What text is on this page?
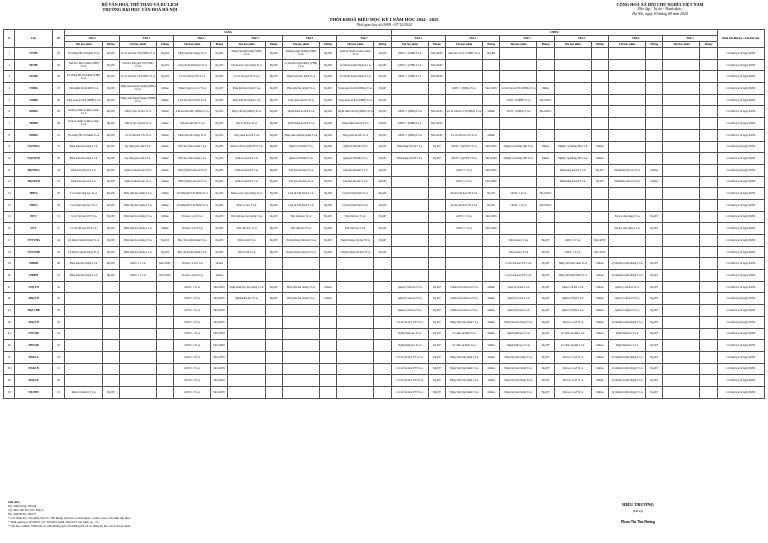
BỘ VĂN HOÁ, THỂ THAO VÀ DU LỊCH
TRƯỜNG ĐẠI HỌC VĂN HOÁ HÀ NỘI
CỘNG HOÀ XÃ HỘI CHỦ NGHĨA VIỆT NAM
Độc lập - Tự do - Hạnh phúc
Hà Nội, ngày 30 tháng 08 năm 2024
THỜI KHOÁ BIỂU HỌC KỲ I NĂM HỌC 2024 - 2025
Thời gian học từ 09/09 - 07/12/2024
tt	Lớp	SS	SÁNG												CHIỀU												Tuần bắt đầu học / kết thúc học
			Thứ 2		Thứ 3		Thứ 4		Thứ 5		Thứ 6		Thứ 7		Thứ 2		Thứ 3		Thứ 4		Thứ 5		Thứ 6		Thứ 7		
			Tên học phần	Phòng	Tên học phần	Phòng	Tên học phần	Phòng	Tên học phần	Phòng	Tên học phần	Phòng	Tên học phần	Phòng	Tên học phần	Phòng	Tên học phần	Phòng	Tên học phần	Phòng	Tên học phần	Phòng	Tên học phần	Phòng	Tên học phần	Phòng	
1	57VHE	42	Tư tưởng Hồ Chí Minh T1.A	Ng.205	Cơ sở văn hoá VN (VHE) T1.A	Ng.205	Pháp luật đại cương T1.A	Ng.205	Tiếng Việt thực hành (VHE) T1.A	Ng.205	Phương pháp NCKH (VHE) T1.A	Ng.205	Kinh tế chính trị Mác-Lênin T1.A	Ng.205	GDTC 1 (VHE) T1.A	Sân GDTC	Anh văn cơ sở 1 (VHE) T1.A	Ng.403									Cả tuần học từ ngày 09/09
2	58VHE	35	Triết học Mác-Lênin (VHE) T1.A	Ng.205	Văn hoá dân gian VN (VHE) T1.A	Ng.205	Lịch sử văn minh TG T1.A	Ng.205	Văn hoá học đại cương T1.A	Ng.205	Lý thuyết truyền thông (VHE) T1.A	Ng.205	Lý thuyết truyền thông T1.A	Ng.205	GDTC 1 (VHE) T1.A	Sân GDTC											Cả tuần học từ ngày 09/09
3	59VHE	28	Tư tưởng Hồ Chí Minh (VHE) T1.A	Ng.205	Cơ sở văn hoá VN (VHE) T1.A	Ng.205	Cơ sở văn hoá VN T1.A	Ng.205	Cơ sở văn hoá VN T1.A	Ng.205	Tiếng Việt thực hành T1.A	Ng.205	Lý thuyết truyền thông T1.A	Ng.205	GDTC 1 (VHE) T1.A	Sân GDTC											Cả tuần học từ ngày 09/09
4	57DHA	33	Chủ nghĩa xã hội KH T1.A	Ng.205	Tiếng Anh chuyên ngành (DHA) T1.A	Online	Tiếng Trung cơ sở 1 T1.A	Ng.207	Pháp luật đại cương T1.A	Ng.205	Pháp luật đại cương T1.A	Ng.205	Tổng quan du lịch (DHA) T1.A	Ng.205			GDTC 1 (DHA) T1.A	Sân GDTC	Cơ sở văn hoá VN (DHA) T1.A	Online							Cả tuần học từ ngày 09/09
5	57DHB	40	Tổng quan du lịch (DHB) T1.A	Ng.205	Tiếng Anh chuyên ngành (DHB) T1.A	Online	Lịch sử văn hoá VN T1.A	Ng.205	Pháp luật đại cương T1.A	Ng.205	Tổng quan du lịch T1.A	Ng.205	Tổng quan du lịch (DHB) T1.A	Ng.205					GDTC 1 (DHB) T1.A	Sân GDTC							Cả tuần học từ ngày 09/09
6	58DHA	38	Kinh tế chính trị Mác-Lênin T1.A	Ng.205	Tâm lý học du lịch T1.A	Online	Văn hoá ẩm thực (DHA) T1.A	Ng.205	Địa lý du lịch (DHA) T1.A	Ng.205	Tuyến điểm du lịch T1.A	Ng.205	Tuyến điểm du lịch (DHA) T1.A	Ng.205	GDTC 1 (DHA) T1.A	Sân GDTC	Cơ sở văn hoá VN (DHA) T1.A	Online	GDTC 1 (DHA) T1.A	Sân GDTC							Cả tuần học từ ngày 09/09
7	58DHB	36	Kinh tế chính trị Mác-Lênin T1.A	Ng.205	Tâm lý học du lịch T1.A	Online	Văn hoá ẩm thực T1.A	Ng.205	Địa lý du lịch T1.A	Ng.205	Tuyến điểm du lịch T1.A	Ng.205	Tuyến điểm du lịch T1.A	Ng.205	GDTC 1 (DHB) T1.A	Sân GDTC											Cả tuần học từ ngày 09/09
8	59DHA	41	Tư tưởng Hồ Chí Minh T1.A	Ng.205	Cơ sở văn hoá VN T1.A	Online	Pháp luật đại cương T1.A	Ng.205	Tổng quan du lịch T1.A	Ng.205	Tiếng Anh chuyên ngành T1.A	Ng.205	Tổng quan du lịch T1.A	Ng.205	GDTC 1 (DHA) T1.A	Sân GDTC	Cơ sở văn hoá VN T1.A	Online									Cả tuần học từ ngày 09/09
9	57QTDVA	37	Pháp luật đại cương T1.A	Ng.205	Kỹ năng giao tiếp T1.A	Online	Triết học Mác-Lênin T1.A	Ng.205	Kinh tế du lịch (QTDV) T1.A	Ng.205	Quản trị lữ hành T1.A	Ng.205	Quản trị lữ hành T1.A	Ng.205	Marketing du lịch T1.A	Ng.207	GDTC 1 (QTDV) T1.A	Sân GDTC	Nghiệp vụ hướng dẫn T1.A	Online	Nghiệp vụ hướng dẫn T1.A	Online					Cả tuần học từ ngày 09/09
10	57QTDVB	39	Pháp luật đại cương T1.A	Ng.205	Kỹ năng giao tiếp T1.A	Online	Triết học Mác-Lênin T1.A	Ng.205	Kinh tế du lịch T1.A	Ng.205	Quản trị lữ hành T1.A	Ng.205	Quản trị lữ hành T1.A	Ng.205	Marketing du lịch T1.A	Ng.207	GDTC 1 (QTDV) T1.A	Sân GDTC	Nghiệp vụ hướng dẫn T1.A	Online	Nghiệp vụ hướng dẫn T1.A	Online					Cả tuần học từ ngày 09/09
11	58QTDVA	34	Pháp luật du lịch T1.A	Ng.205	Quản trị khách sạn T1.A	Online	Tâm lý khách du lịch T1.A	Ng.205	Kinh tế du lịch T1.A	Ng.205	Văn hoá ẩm thực T1.A	Ng.205	Văn hoá ẩm thực T1.A	Ng.205			GDTC 1 T1.A	Sân GDTC			Marketing du lịch T1.A	Ng.207	Marketing du lịch T1.A	Online			Cả tuần học từ ngày 09/09
12	58QTDVB	33	Pháp luật du lịch T1.A	Ng.205	Quản trị khách sạn T1.A	Online	Tâm lý khách du lịch T1.A	Ng.205	Kinh tế du lịch T1.A	Ng.205	Văn hoá ẩm thực T1.A	Ng.205	Văn hoá ẩm thực T1.A	Ng.205			GDTC 1 T1.A	Sân GDTC			Marketing du lịch T1.A	Ng.207	Marketing du lịch T1.A	Online			Cả tuần học từ ngày 09/09
13	58BTA	30	Cơ sở bảo tàng học T1.A	Ng.205	Pháp luật đại cương T1.A	Online	Tư tưởng Hồ Chí Minh T1.A	Ng.205	Khảo cổ học đại cương T1.A	Ng.205	Lịch sử Việt Nam T1.A	Ng.205	Lịch sử Việt Nam T1.A	Ng.205			Di sản văn hoá VN T1.A	Ng.207	GDTC 1 T1.A	Sân GDTC							Cả tuần học từ ngày 09/09
14	57BTA	29	Cơ sở bảo tàng học T1.A	Ng.205	Pháp luật đại cương T1.A	Online	Tư tưởng Hồ Chí Minh T1.A	Ng.205	Khảo cổ học T1.A	Ng.205	Lịch sử Việt Nam T1.A	Ng.205	Lịch sử Việt Nam T1.A	Ng.205			Di sản văn hoá VN T1.A	Ng.207	GDTC 1 T1.A	Sân GDTC							Cả tuần học từ ngày 09/09
15	59TV	31	Cơ sở văn hoá VN T1.A	Ng.205	Pháp luật đại cương T1.A	Online	Tin học cơ sở T1.A	Ng.205	Thư viện học đại cương T1.A	Ng.205	Thư viện học T1.A	Ng.205	Thư viện học T1.A	Ng.205			GDTC 1 T1.A	Sân GDTC					Tin học ứng dụng T1.A	Ng.207			Cả tuần học từ ngày 09/09
16	57TV	27	Cơ sở văn hoá VN T1.A	Ng.205	Pháp luật đại cương T1.A	Online	Tin học cơ sở T1.A	Ng.205	Thư viện học T1.A	Ng.205	Thư viện học T1.A	Ng.205	Thư viện học T1.A	Ng.205			GDTC 1 T1.A	Sân GDTC					Tin học ứng dụng T1.A	Ng.207			Cả tuần học từ ngày 09/09
17	57TTVHA	44	Lý thuyết truyền thông T1.A	Ng.205	Pháp luật đại cương T1.A	Ng.205	Báo chí truyền thông T1.A	Ng.205	Viết tin bài T1.A	Ng.205	Truyền thông văn hoá T1.A	Ng.205	Truyền thông văn hoá T1.A	Ng.205					Văn hoá học T1.A	Ng.207	GDTC 1 T1.A	Sân GDTC					Cả tuần học từ ngày 09/09
18	57TTVHB	43	Lý thuyết truyền thông T1.A	Ng.205	Pháp luật đại cương T1.A	Ng.205	Báo chí truyền thông T1.A	Ng.205	Viết tin bài T1.A	Ng.205	Truyền thông văn hoá T1.A	Ng.205	Truyền thông văn hoá T1.A	Ng.205					Văn hoá học T1.A	Ng.207	GDTC 1 T1.A	Sân GDTC					Cả tuần học từ ngày 09/09
19	59BHH	26	Pháp luật đại cương T1.A	Ng.205	GDTC 1 T1.A	Sân GDTC	Tin học cơ sở T1.A	Online											Cơ sở văn hoá VN T1.A	Ng.207	Tiếng Việt thực hành T1.A	Online	Lý thuyết truyền thông T1.A	Ng.207			Cả tuần học từ ngày 09/09
20	59HKH	25	Pháp luật đại cương T1.A	Ng.205	GDTC 1 T1.A	Sân GDTC	Tin học cơ sở T1.A	Online											Cơ sở văn hoá VN T1.A	Ng.207	Tiếng Việt thực hành T1.A	Online	Lý thuyết truyền thông T1.A	Ng.207			Cả tuần học từ ngày 09/09
21	57QLVH	32					GDTC 1 T1.A	Sân GDTC	Nghệ thuật học đại cương T1.A	Ng.205	Pháp luật đại cương T1.A	Online			Quản lý văn hoá T1.A	Ng.207	Chính sách văn hoá T1.A	Online	Quản lý di sản T1.A	Ng.207	Quản lý lễ hội T1.A	Online	Quản lý văn hoá T1.A	Ng.207			Cả tuần học từ ngày 09/09
22	58QLVH	35					GDTC 1 T1.A	Sân GDTC	Nghệ thuật học T1.A	Ng.205	Pháp luật đại cương T1.A	Online			Quản lý văn hoá T1.A	Ng.207	Chính sách văn hoá T1.A	Online	Quản lý di sản T1.A	Ng.207	Quản lý lễ hội T1.A	Online	Quản lý văn hoá T1.A	Ng.207			Cả tuần học từ ngày 09/09
23	58QLVHB	30					GDTC 1 T1.A	Sân GDTC							Quản lý văn hoá T1.A	Ng.207	Chính sách văn hoá T1.A	Online	Quản lý di sản T1.A	Ng.207	Quản lý lễ hội T1.A	Online	Quản lý văn hoá T1.A	Ng.207			Cả tuần học từ ngày 09/09
24	59QLVH	29					GDTC 1 T1.A	Sân GDTC							Cơ sở văn hoá VN T1.A	Ng.207	Tiếng Việt thực hành T1.A	Online	Pháp luật đại cương T1.A	Ng.207	Tin học cơ sở T1.A	Online	Lý thuyết truyền thông T1.A	Ng.207			Cả tuần học từ ngày 09/09
25	57NTQB	24					GDTC 1 T1.A	Sân GDTC							Nghệ thuật học T1.A	Ng.207	Tổ chức sự kiện T1.A	Online	Nghệ thuật học T1.A	Ng.207	Tổ chức sự kiện T1.A	Online	Nghệ thuật học T1.A	Ng.207			Cả tuần học từ ngày 09/09
26	58NTQB	22					GDTC 1 T1.A	Sân GDTC							Nghệ thuật học T1.A	Ng.207	Tổ chức sự kiện T1.A	Online	Nghệ thuật học T1.A	Ng.207	Tổ chức sự kiện T1.A	Online	Nghệ thuật học T1.A	Ng.207			Cả tuần học từ ngày 09/09
27	59SKCA	23					GDTC 1 T1.A	Sân GDTC							Cơ sở văn hoá VN T1.A	Ng.207	Tiếng Việt thực hành T1.A	Online	Pháp luật đại cương T1.A	Ng.207	Tin học cơ sở T1.A	Online	Lý thuyết truyền thông T1.A	Ng.207			Cả tuần học từ ngày 09/09
28	59SKCB	21					GDTC 1 T1.A	Sân GDTC							Cơ sở văn hoá VN T1.A	Ng.207	Tiếng Việt thực hành T1.A	Online	Pháp luật đại cương T1.A	Ng.207	Tin học cơ sở T1.A	Online	Lý thuyết truyền thông T1.A	Ng.207			Cả tuần học từ ngày 09/09
29	59SKCD	20					GDTC 1 T1.A	Sân GDTC							Cơ sở văn hoá VN T1.A	Ng.207	Tiếng Việt thực hành T1.A	Online	Pháp luật đại cương T1.A	Ng.207	Tin học cơ sở T1.A	Online	Lý thuyết truyền thông T1.A	Ng.207			Cả tuần học từ ngày 09/09
30	59LTHH	19	Kinh tế chính trị T1.A	Ng.205			GDTC 1 T1.A	Sân GDTC							Cơ sở văn hoá VN T1.A	Ng.207	Tiếng Việt thực hành T1.A	Online	Pháp luật đại cương T1.A	Ng.207	Tin học cơ sở T1.A	Online	Lý thuyết truyền thông T1.A	Ng.207			Cả tuần học từ ngày 09/09
Ghi chú:
Ng: Nhà A Ng: Nhà B
Tg: Nhà văn hóa Vn: Nhà V
Ng: Nhà B Ed: Nhà E
* Các môn học cần ghép lớp VC: Hệ thống lịch học cả đơn ngày 1 tuần có học của mỗi lớp theo
* Thời gian học từ 09/09 - 07/12/2024. Sinh viên thi ở các tuần 14 - 16
* Với học online: TKB lớp có trên khung giờ với đường nối về cổ đăng ký học các lớp học khác
HIỆU TRƯỞNG
(Đã ký)
Phạm Thị Thu Hương
